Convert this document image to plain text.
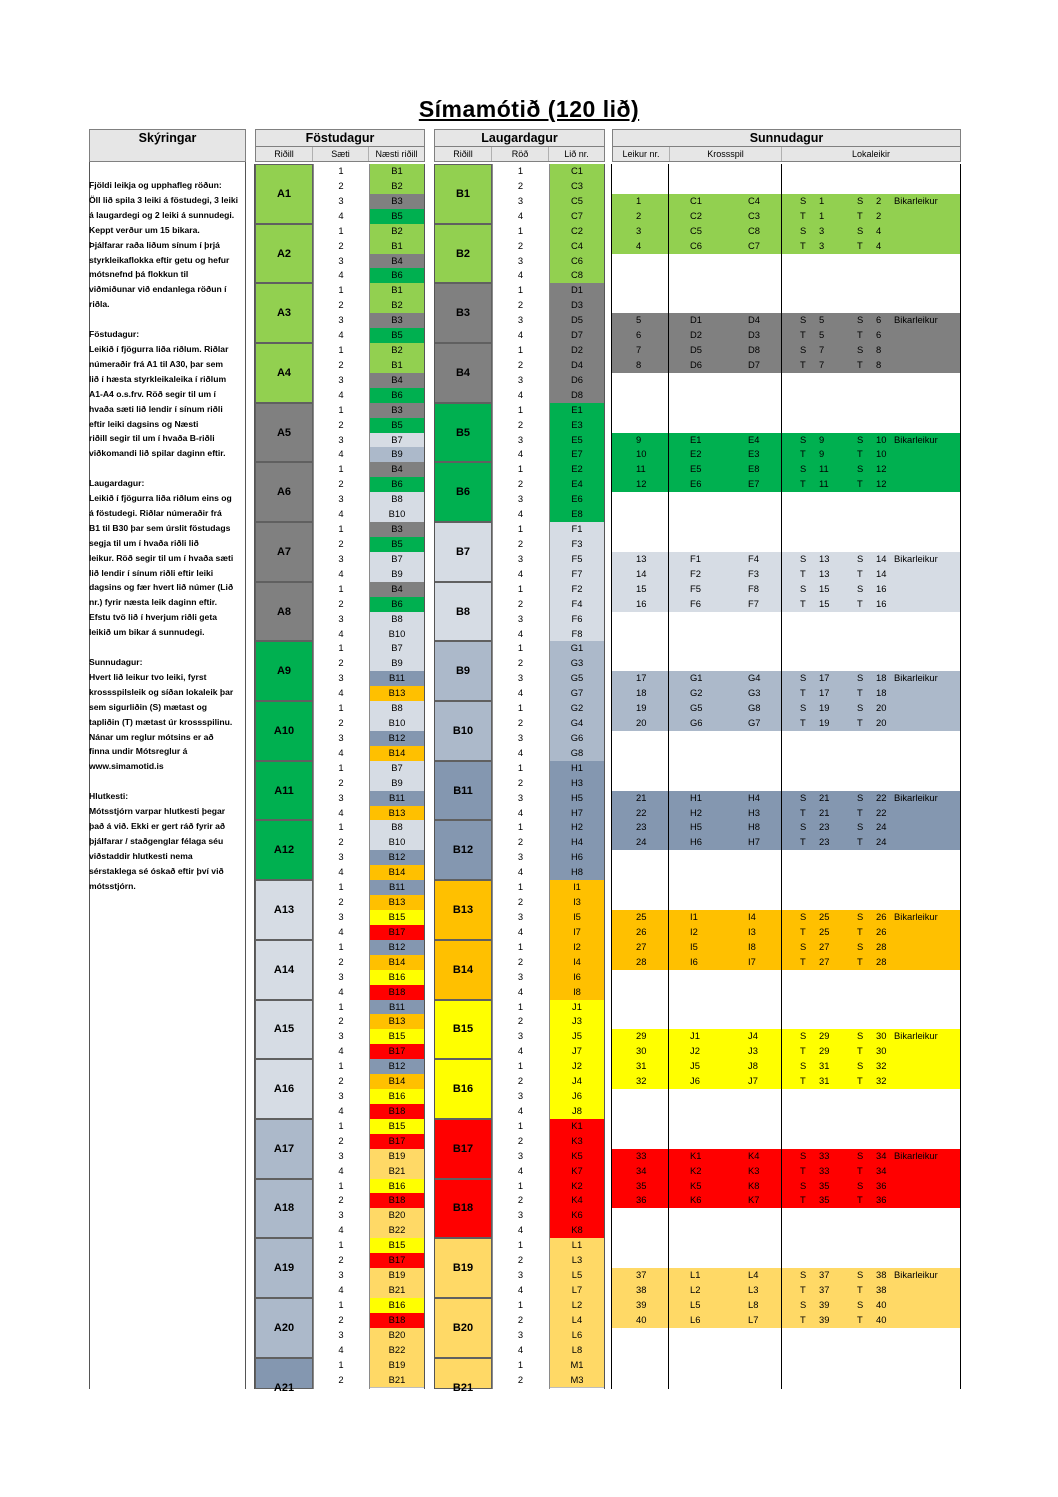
Símamótið (120 lið)
Skýringar
Fjöldi leikja og upphafleg röðun:
Öll lið spila 3 leiki á föstudegi, 3 leiki
á laugardegi og 2 leiki á sunnudegi.
Keppt verður um 15 bikara.
Þjálfarar raða liðum sínum í þrjá
styrkleikaflokka eftir getu og hefur
mótsnefnd þá flokkun til
viðmiðunar við endanlega röðun í
riðla.

Föstudagur:
Leikið í fjögurra liða riðlum. Riðlar
númeraðir frá A1 til A30, þar sem
lið í hæsta styrkleikaleika í riðlum
A1-A4 o.s.frv. Röð segir til um í
hvaða sæti lið lendir í sínum riðli
eftir leiki dagsins og Næsti
riðill segir til um í hvaða B-riðli
viðkomandi lið spilar daginn eftir.

Laugardagur:
Leikið í fjögurra liða riðlum eins og
á föstudegi. Riðlar númeraðir frá
B1 til B30 þar sem úrslit föstudags
segja til um í hvaða riðli lið
leikur. Röð segir til um í hvaða sæti
lið lendir í sínum riðli eftir leiki
dagsins og fær hvert lið númer (Lið
nr.) fyrir næsta leik daginn eftir.
Efstu tvö lið í hverjum riðli geta
leikið um bikar á sunnudegi.

Sunnudagur:
Hvert lið leikur tvo leiki, fyrst
krossspilsleik og síðan lokaleik þar
sem sigurliðin (S) mætast og
tapliðin (T) mætast úr krossspilinu.
Nánar um reglur mótsins er að
finna undir Mótsreglur á
www.simamotid.is

Hlutkesti:
Mótsstjórn varpar hlutkesti þegar
það á við. Ekki er gert ráð fyrir að
þjálfarar / staðgenglar félaga séu
viðstaddir hlutkesti nema
sérstaklega sé óskað eftir því við
mótsstjórn.
Föstudagur
Riðill	Sæti	Næsti riðill
Laugardagur
Riðill	Röð	Lið nr.
Sunnudagur
Leikur nr.	Krossspil	Lokaleikir
A1
1	B1
2	B2
3	B3
4	B5
A2
1	B2
2	B1
3	B4
4	B6
A3
1	B1
2	B2
3	B3
4	B5
A4
1	B2
2	B1
3	B4
4	B6
A5
1	B3
2	B5
3	B7
4	B9
A6
1	B4
2	B6
3	B8
4	B10
A7
1	B3
2	B5
3	B7
4	B9
A8
1	B4
2	B6
3	B8
4	B10
A9
1	B7
2	B9
3	B11
4	B13
A10
1	B8
2	B10
3	B12
4	B14
A11
1	B7
2	B9
3	B11
4	B13
A12
1	B8
2	B10
3	B12
4	B14
A13
1	B11
2	B13
3	B15
4	B17
A14
1	B12
2	B14
3	B16
4	B18
A15
1	B11
2	B13
3	B15
4	B17
A16
1	B12
2	B14
3	B16
4	B18
A17
1	B15
2	B17
3	B19
4	B21
A18
1	B16
2	B18
3	B20
4	B22
A19
1	B15
2	B17
3	B19
4	B21
A20
1	B16
2	B18
3	B20
4	B22
A21
1	B19
2	B21
B1
1	C1
2	C3
3	C5
4	C7
B2
1	C2
2	C4
3	C6
4	C8
B3
1	D1
2	D3
3	D5
4	D7
B4
1	D2
2	D4
3	D6
4	D8
B5
1	E1
2	E3
3	E5
4	E7
B6
1	E2
2	E4
3	E6
4	E8
B7
1	F1
2	F3
3	F5
4	F7
B8
1	F2
2	F4
3	F6
4	F8
B9
1	G1
2	G3
3	G5
4	G7
B10
1	G2
2	G4
3	G6
4	G8
B11
1	H1
2	H3
3	H5
4	H7
B12
1	H2
2	H4
3	H6
4	H8
B13
1	I1
2	I3
3	I5
4	I7
B14
1	I2
2	I4
3	I6
4	I8
B15
1	J1
2	J3
3	J5
4	J7
B16
1	J2
2	J4
3	J6
4	J8
B17
1	K1
2	K3
3	K5
4	K7
B18
1	K2
2	K4
3	K6
4	K8
B19
1	L1
2	L3
3	L5
4	L7
B20
1	L2
2	L4
3	L6
4	L8
B21
1	M1
2	M3
1	C1	C4	S	1	S	2	Bikarleikur
2	C2	C3	T	1	T	2
3	C5	C8	S	3	S	4
4	C6	C7	T	3	T	4
5	D1	D4	S	5	S	6	Bikarleikur
6	D2	D3	T	5	T	6
7	D5	D8	S	7	S	8
8	D6	D7	T	7	T	8
9	E1	E4	S	9	S	10 Bikarleikur
10	E2	E3	T	9	T	10
11	E5	E8	S	11	S	12
12	E6	E7	T	11	T	12
13	F1	F4	S	13	S	14 Bikarleikur
14	F2	F3	T	13	T	14
15	F5	F8	S	15	S	16
16	F6	F7	T	15	T	16
17	G1	G4	S	17	S	18 Bikarleikur
18	G2	G3	T	17	T	18
19	G5	G8	S	19	S	20
20	G6	G7	T	19	T	20
21	H1	H4	S	21	S	22 Bikarleikur
22	H2	H3	T	21	T	22
23	H5	H8	S	23	S	24
24	H6	H7	T	23	T	24
25	I1	I4	S	25	S	26 Bikarleikur
26	I2	I3	T	25	T	26
27	I5	I8	S	27	S	28
28	I6	I7	T	27	T	28
29	J1	J4	S	29	S	30 Bikarleikur
30	J2	J3	T	29	T	30
31	J5	J8	S	31	S	32
32	J6	J7	T	31	T	32
33	K1	K4	S	33	S	34 Bikarleikur
34	K2	K3	T	33	T	34
35	K5	K8	S	35	S	36
36	K6	K7	T	35	T	36
37	L1	L4	S	37	S	38 Bikarleikur
38	L2	L3	T	37	T	38
39	L5	L8	S	39	S	40
40	L6	L7	T	39	T	40
